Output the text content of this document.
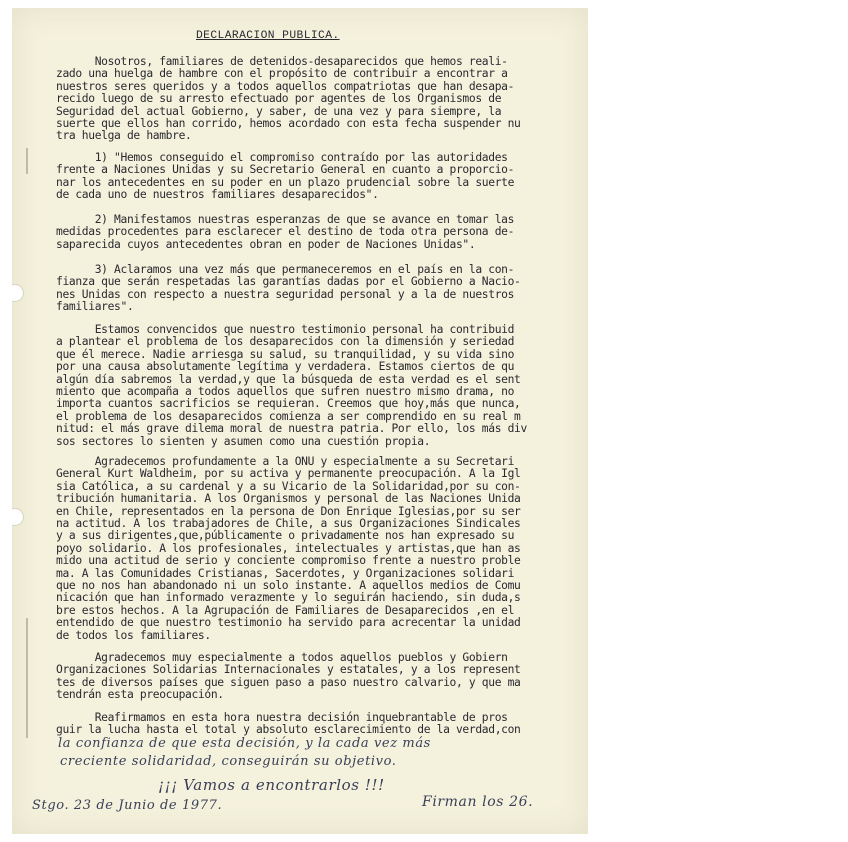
DECLARACION PUBLICA.
Nosotros, familiares de detenidos-desaparecidos que hemos reali-
zado una huelga de hambre con el propósito de contribuir a encontrar a
nuestros seres queridos y a todos aquellos compatriotas que han desapa-
recido luego de su arresto efectuado por agentes de los Organismos de
Seguridad del actual Gobierno, y saber, de una vez y para siempre, la
suerte que ellos han corrido, hemos acordado con esta fecha suspender nu
tra huelga de hambre.
1) "Hemos conseguido el compromiso contraído por las autoridades
frente a Naciones Unidas y su Secretario General en cuanto a proporcio-
nar los antecedentes en su poder en un plazo prudencial sobre la suerte
de cada uno de nuestros familiares desaparecidos".
2) Manifestamos nuestras esperanzas de que se avance en tomar las
medidas procedentes para esclarecer el destino de toda otra persona de-
saparecida cuyos antecedentes obran en poder de Naciones Unidas".
3) Aclaramos una vez más que permaneceremos en el país en la con-
fianza que serán respetadas las garantías dadas por el Gobierno a Nacio-
nes Unidas con respecto a nuestra seguridad personal y a la de nuestros
familiares".
Estamos convencidos que nuestro testimonio personal ha contribuid
a plantear el problema de los desaparecidos con la dimensión y seriedad
que él merece. Nadie arriesga su salud, su tranquilidad, y su vida sino
por una causa absolutamente legítima y verdadera. Estamos ciertos de qu
algún día sabremos la verdad,y que la búsqueda de esta verdad es el sent
miento que acompaña a todos aquellos que sufren nuestro mismo drama, no
importa cuantos sacrificios se requieran. Creemos que hoy,más que nunca,
el problema de los desaparecidos comienza a ser comprendido en su real m
nitud: el más grave dilema moral de nuestra patria. Por ello, los más div
sos sectores lo sienten y asumen como una cuestión propia.
Agradecemos profundamente a la ONU y especialmente a su Secretari
General Kurt Waldheim, por su activa y permanente preocupación. A la Igl
sia Católica, a su cardenal y a su Vicario de la Solidaridad,por su con-
tribución humanitaria. A los Organismos y personal de las Naciones Unida
en Chile, representados en la persona de Don Enrique Iglesias,por su ser
na actitud. A los trabajadores de Chile, a sus Organizaciones Sindicales
y a sus dirigentes,que,públicamente o privadamente nos han expresado su
poyo solidario. A los profesionales, intelectuales y artistas,que han as
mido una actitud de serio y conciente compromiso frente a nuestro proble
ma. A las Comunidades Cristianas, Sacerdotes, y Organizaciones solidari
que no nos han abandonado ni un solo instante. A aquellos medios de Comu
nicación que han informado verazmente y lo seguirán haciendo, sin duda,s
bre estos hechos. A la Agrupación de Familiares de Desaparecidos ,en el
entendido de que nuestro testimonio ha servido para acrecentar la unidad
de todos los familiares.
Agradecemos muy especialmente a todos aquellos pueblos y Gobiern
Organizaciones Solidarias Internacionales y estatales, y a los represent
tes de diversos países que siguen paso a paso nuestro calvario, y que ma
tendrán esta preocupación.
Reafirmamos en esta hora nuestra decisión inquebrantable de pros
guir la lucha hasta el total y absoluto esclarecimiento de la verdad,con
la confianza de que esta decisión, y la cada vez más
creciente solidaridad, conseguirán su objetivo.
¡¡¡ Vamos a encontrarlos !!!
Stgo. 23 de Junio de 1977.	Firman los 26.
